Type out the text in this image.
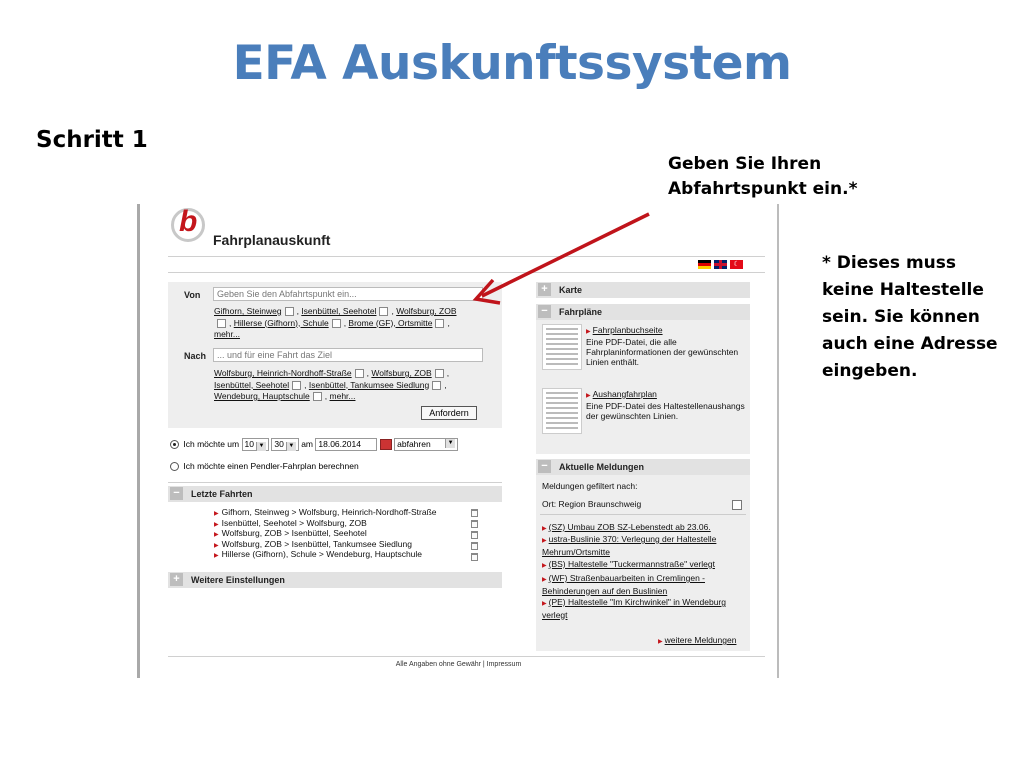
EFA Auskunftssystem
Schritt 1
Geben Sie Ihren
Abfahrtspunkt ein.*
* Dieses muss keine Haltestelle sein. Sie können auch eine Adresse eingeben.
b
Fahrplanauskunft
☾
Von	Geben Sie den Abfahrtspunkt ein...
Gifhorn, Steinweg , Isenbüttel, Seehotel , Wolfsburg, ZOB, Hillerse (Gifhorn), Schule , Brome (GF), Ortsmitte , mehr...
Nach	... und für eine Fahrt das Ziel
Wolfsburg, Heinrich-Nordhoff-Straße , Wolfsburg, ZOB , Isenbüttel, Seehotel , Isenbüttel, Tankumsee Siedlung , Wendeburg, Hauptschule , mehr...
Anfordern
Ich möchte um 10 ▼ 30 ▼ am 18.06.2014	abfahren	▼
Ich möchte einen Pendler-Fahrplan berechnen
− Letzte Fahrten
▶ Gifhorn, Steinweg > Wolfsburg, Heinrich-Nordhoff-Straße
▶ Isenbüttel, Seehotel > Wolfsburg, ZOB
▶ Wolfsburg, ZOB > Isenbüttel, Seehotel
▶ Wolfsburg, ZOB > Isenbüttel, Tankumsee Siedlung
▶ Hillerse (Gifhorn), Schule > Wendeburg, Hauptschule
+ Weitere Einstellungen
+ Karte
− Fahrpläne
▶ Fahrplanbuchseite
Eine PDF-Datei, die alle Fahrplaninformationen der gewünschten Linien enthält.
▶ Aushangfahrplan
Eine PDF-Datei des Haltestellenaushangs der gewünschten Linien.
− Aktuelle Meldungen
Meldungen gefiltert nach:
Ort: Region Braunschweig
▶ (SZ) Umbau ZOB SZ-Lebenstedt ab 23.06.
▶ ustra-Buslinie 370: Verlegung der Haltestelle Mehrum/Ortsmitte
▶ (BS) Haltestelle "Tuckermannstraße" verlegt
▶ (WF) Straßenbauarbeiten in Cremlingen - Behinderungen auf den Buslinien
▶ (PE) Haltestelle "Im Kirchwinkel" in Wendeburg verlegt
▶ weitere Meldungen
Alle Angaben ohne Gewähr | Impressum
